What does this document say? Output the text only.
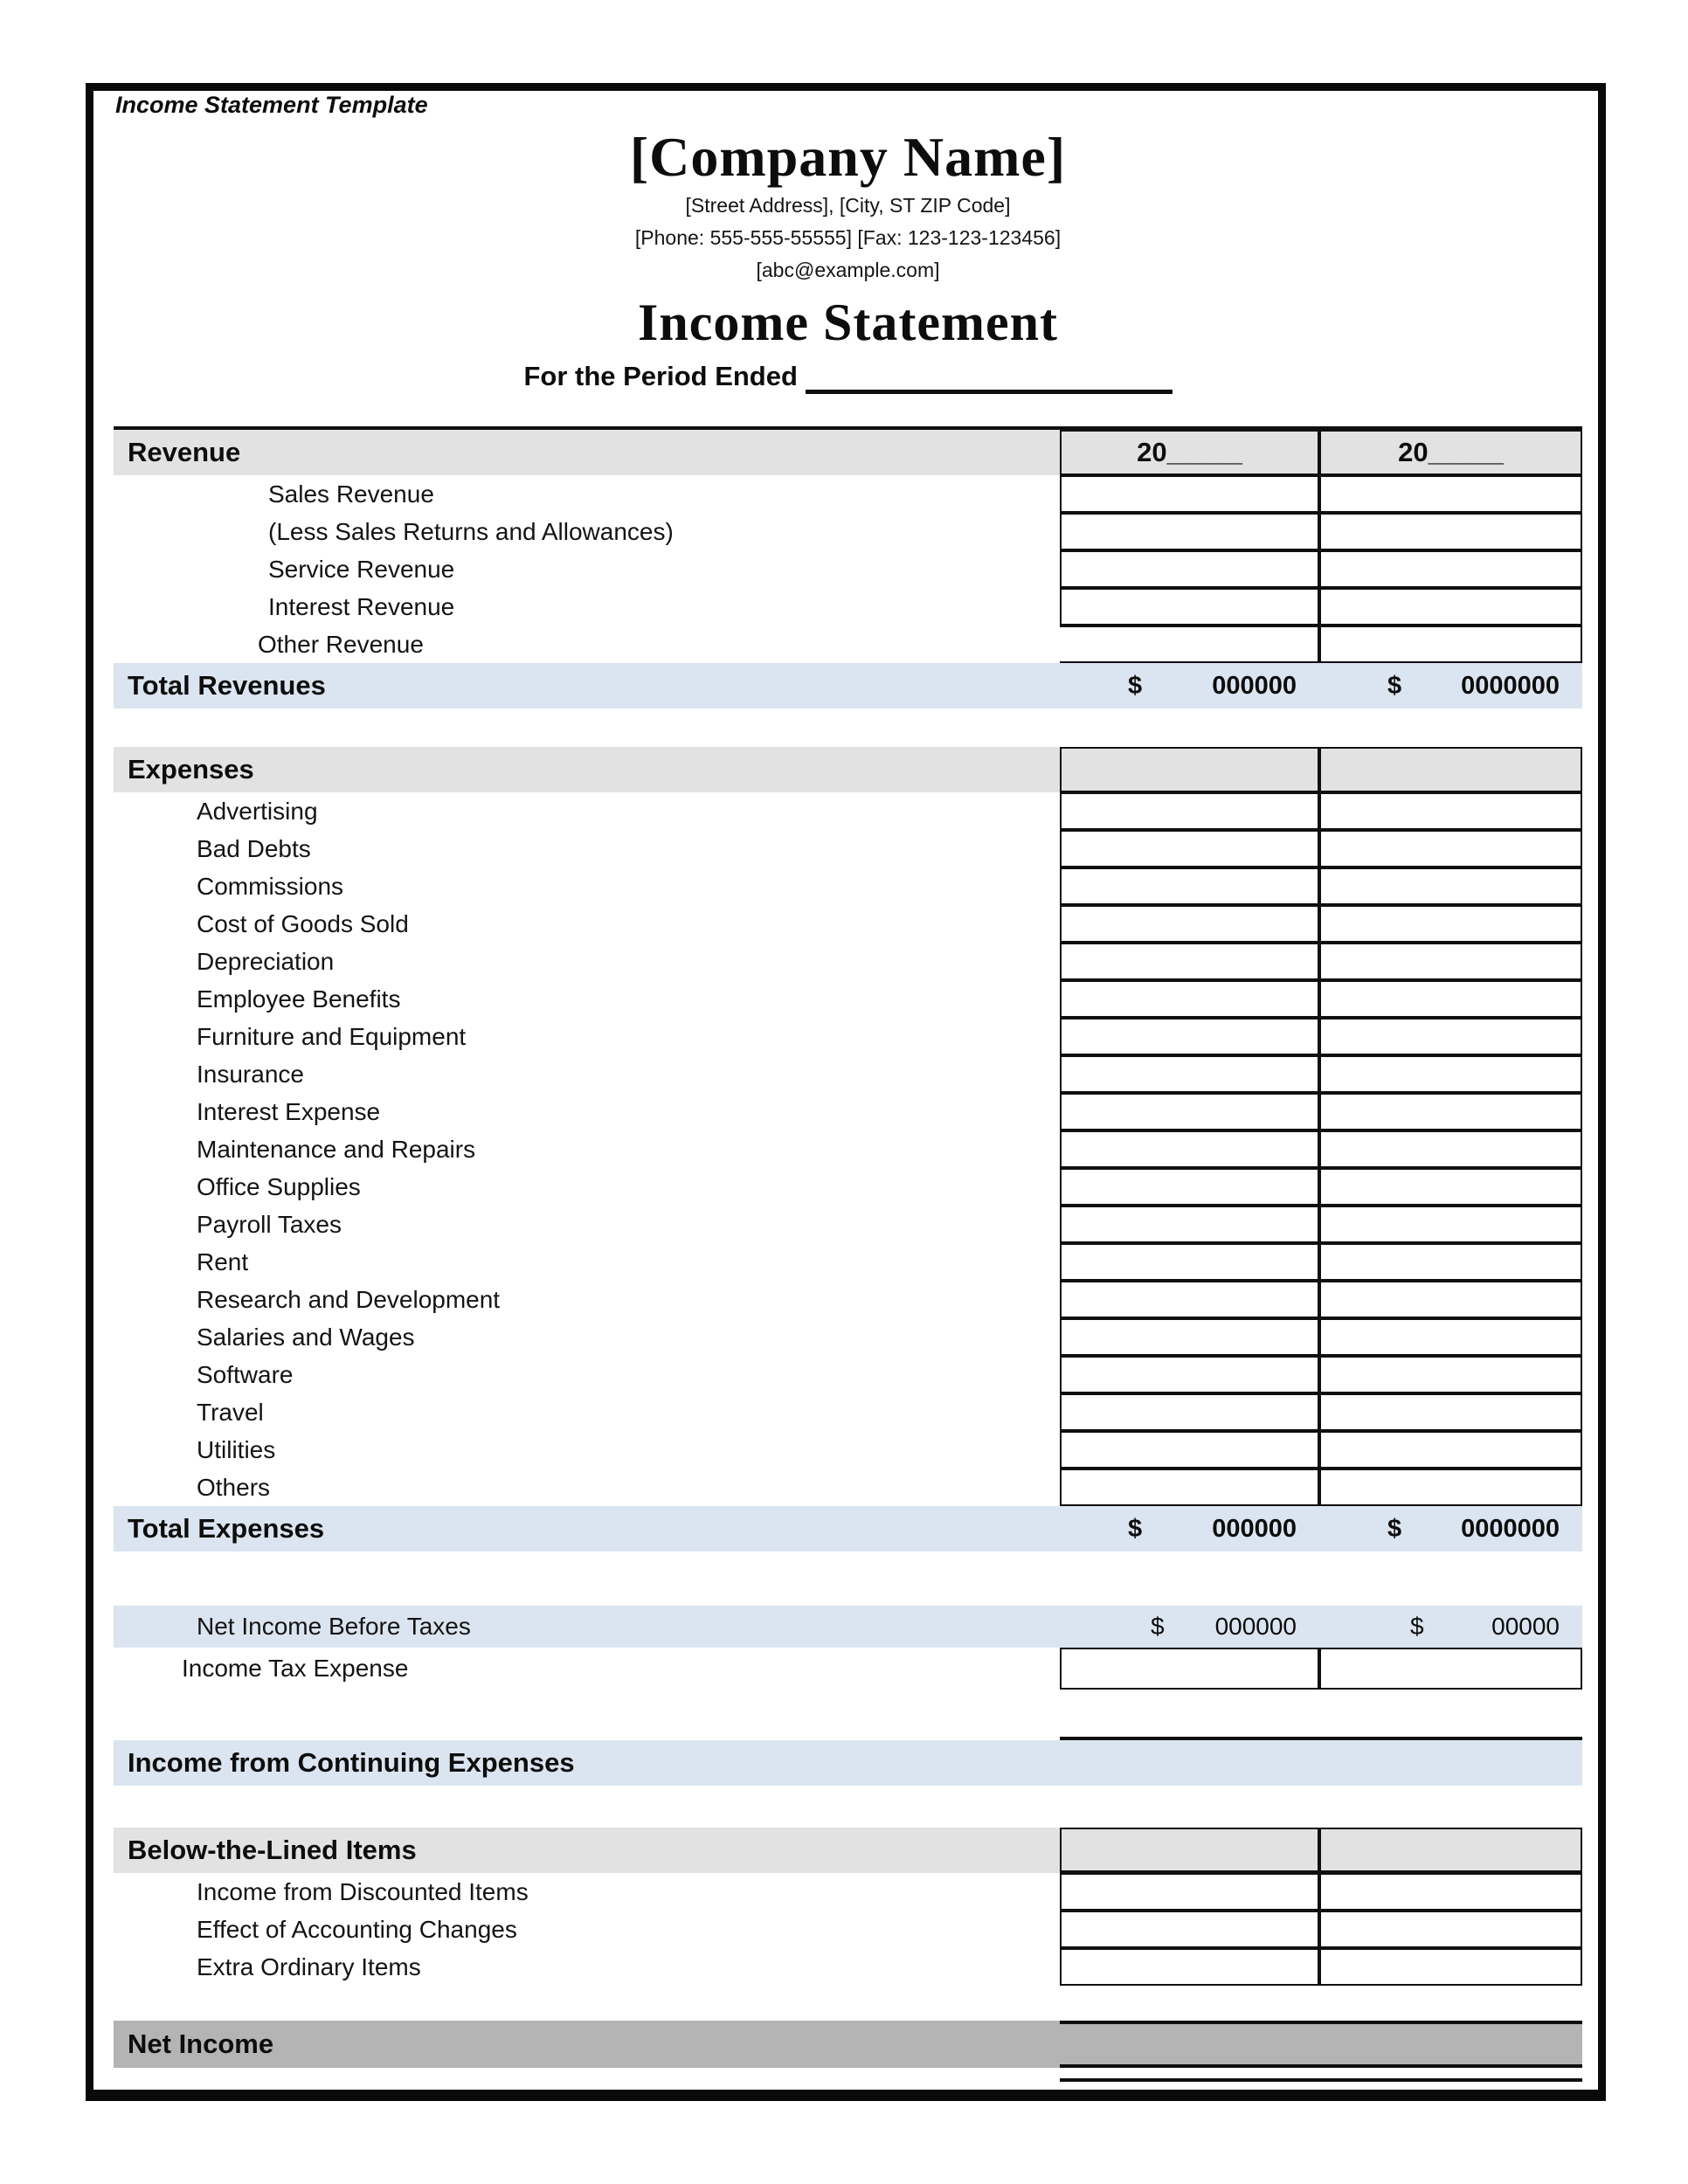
Income Statement Template
[Company Name]
[Street Address], [City, ST ZIP Code]
[Phone: 555-555-55555] [Fax: 123-123-123456]
[abc@example.com]
Income Statement
For the Period Ended
Revenue	20_____	20_____
Sales Revenue
(Less Sales Returns and Allowances)
Service Revenue
Interest Revenue
Other Revenue
Total Revenues	$	000000	$ 0000000
Expenses
Advertising
Bad Debts
Commissions
Cost of Goods Sold
Depreciation
Employee Benefits
Furniture and Equipment
Insurance
Interest Expense
Maintenance and Repairs
Office Supplies
Payroll Taxes
Rent
Research and Development
Salaries and Wages
Software
Travel
Utilities
Others
Total Expenses	$	000000	$ 0000000
Net Income Before Taxes	$ 000000	$	00000
Income Tax Expense
Income from Continuing Expenses
Below-the-Lined Items
Income from Discounted Items
Effect of Accounting Changes
Extra Ordinary Items
Net Income
